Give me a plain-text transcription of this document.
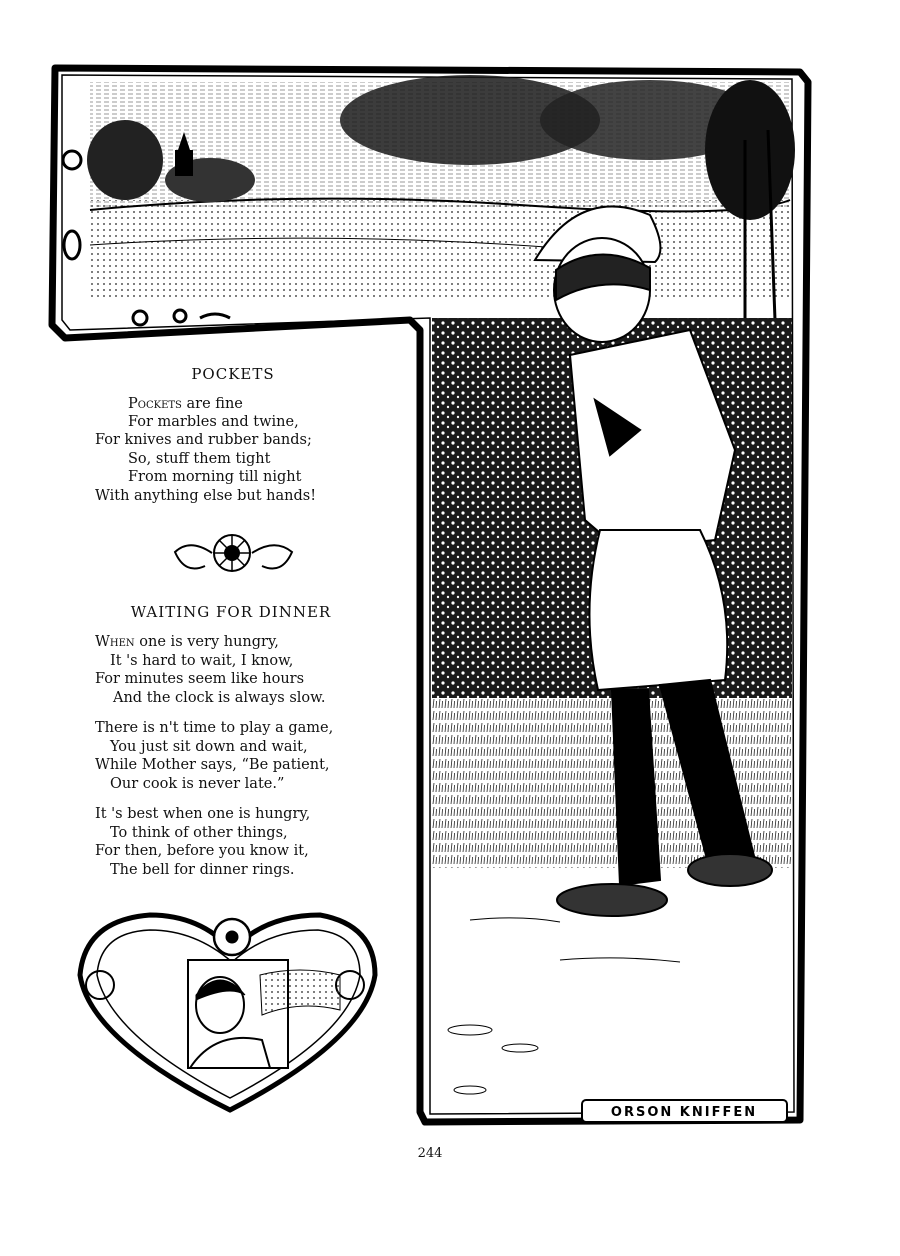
ORSON KNIFFEN
POCKETS
Pockets are fine
For marbles and twine,
For knives and rubber bands;
So, stuff them tight
From morning till night
With anything else but hands!
WAITING FOR DINNER
When one is very hungry,
It 's hard to wait, I know,
For minutes seem like hours
And the clock is always slow.
There is n't time to play a game,
You just sit down and wait,
While Mother says, “Be patient,
Our cook is never late.”
It 's best when one is hungry,
To think of other things,
For then, before you know it,
The bell for dinner rings.
244
